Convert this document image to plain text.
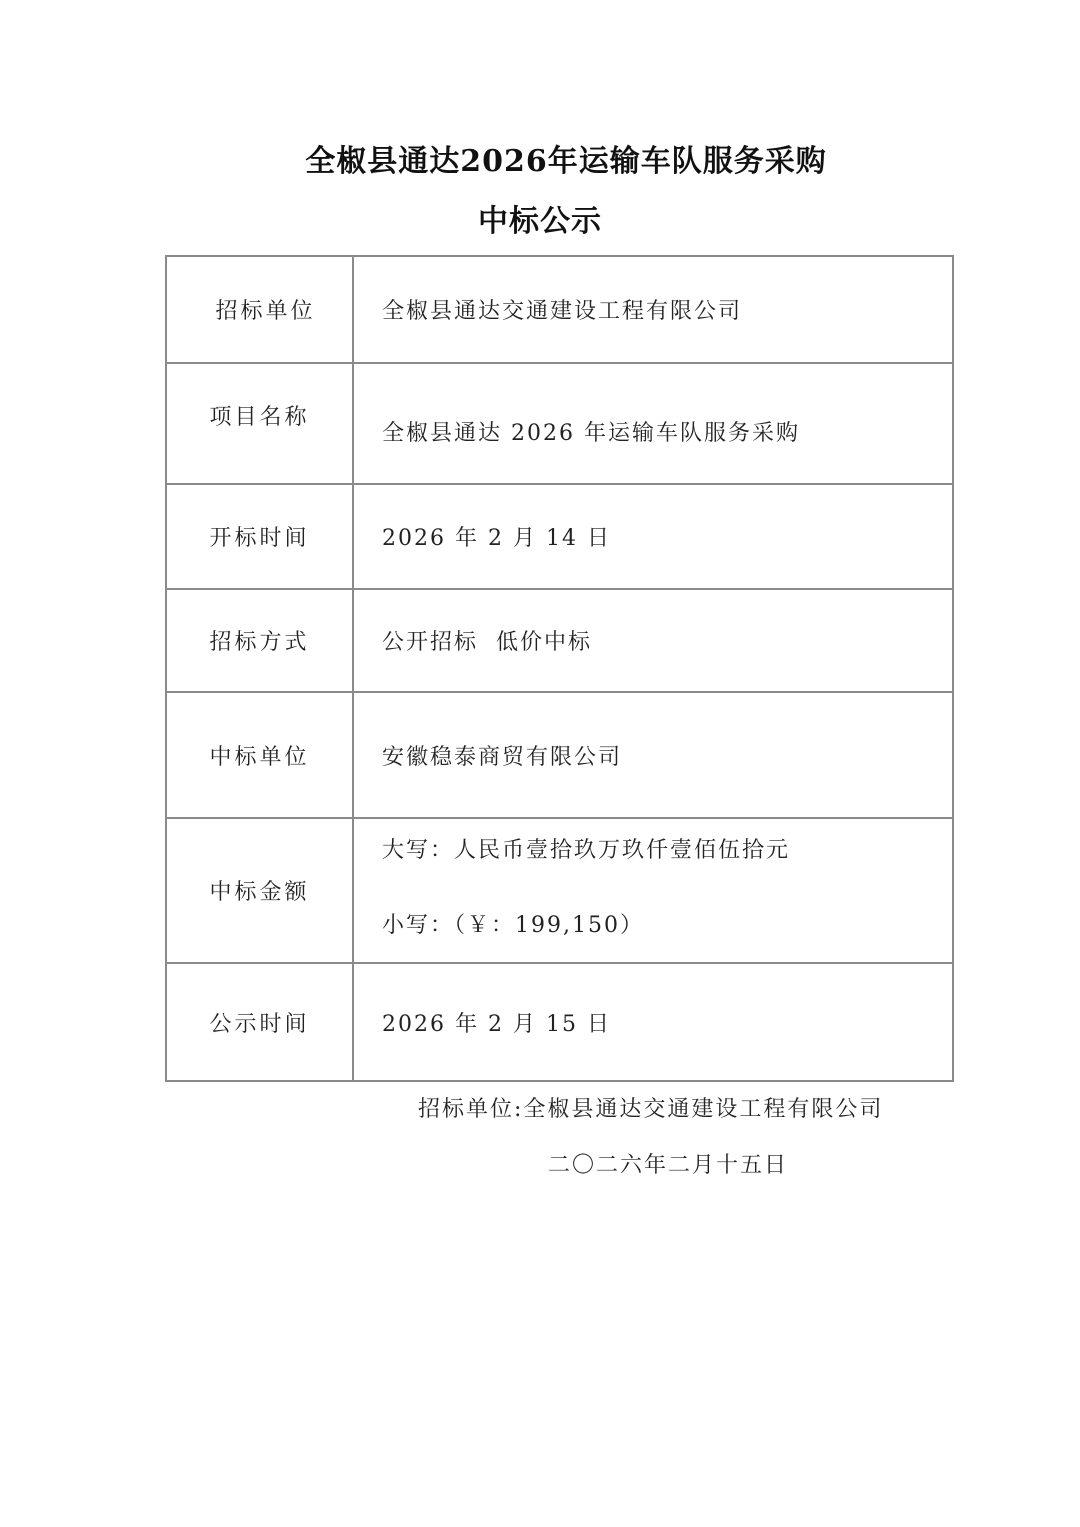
全椒县通达2026年运输车队服务采购
中标公示
招标单位	全椒县通达交通建设工程有限公司
项目名称	全椒县通达 2026 年运输车队服务采购
开标时间	2026 年 2 月 14 日
招标方式	公开招标  低价中标
中标单位	安徽稳泰商贸有限公司
中标金额	大写：人民币壹拾玖万玖仟壹佰伍拾元
小写：（￥：199,150）

公示时间	2026 年 2 月 15 日
招标单位:全椒县通达交通建设工程有限公司
二〇二六年二月十五日
